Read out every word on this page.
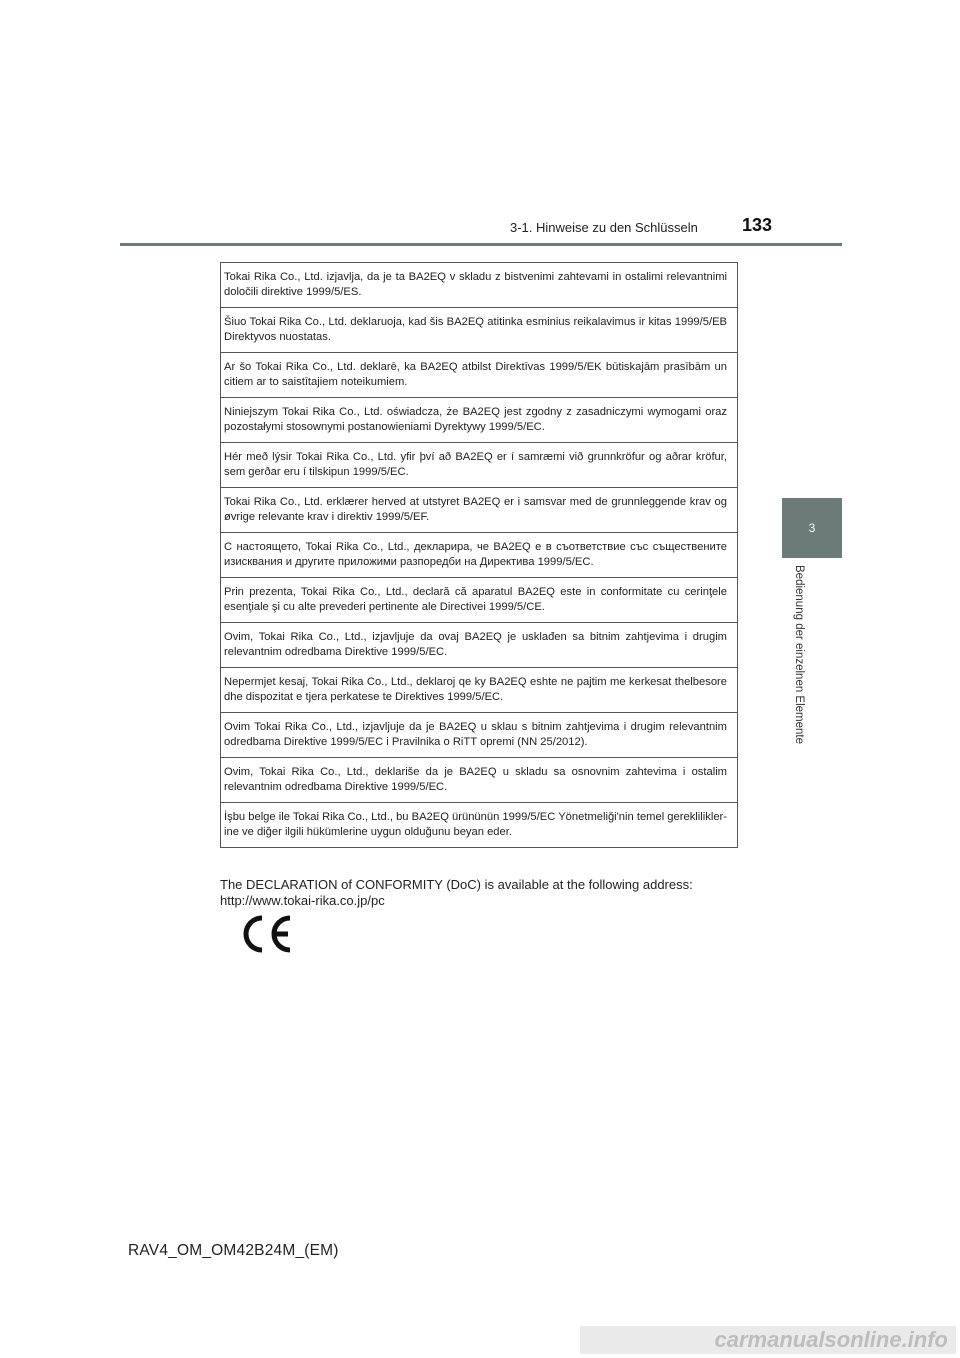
3-1. Hinweise zu den Schlüsseln 133
3
Bedienung der einzelnen Elemente
Tokai Rika Co., Ltd. izjavlja, da je ta BA2EQ v skladu z bistvenimi zahtevami in ostalimi relevantnimi določili direktive 1999/5/ES.
Šiuo Tokai Rika Co., Ltd. deklaruoja, kad šis BA2EQ atitinka esminius reikalavimus ir kitas 1999/5/EB Direktyvos nuostatas.
Ar šo Tokai Rika Co., Ltd. deklarē, ka BA2EQ atbilst Direktīvas 1999/5/EK būtiskajām prasībām un citiem ar to saistītajiem noteikumiem.
Niniejszym Tokai Rika Co., Ltd. oświadcza, że BA2EQ jest zgodny z zasadniczymi wymogami oraz pozostałymi stosownymi postanowieniami Dyrektywy 1999/5/EC.
Hér með lýsir Tokai Rika Co., Ltd. yfir því að BA2EQ er í samræmi við grunnkröfur og aðrar kröfur, sem gerðar eru í tilskipun 1999/5/EC.
Tokai Rika Co., Ltd. erklærer herved at utstyret BA2EQ er i samsvar med de grunnleggende krav og øvrige relevante krav i direktiv 1999/5/EF.
С настоящето, Tokai Rika Co., Ltd., декларира, че BA2EQ е в съответствие със съществените изисквания и другите приложими разпоредби на Директива 1999/5/ЕС.
Prin prezenta, Tokai Rika Co., Ltd., declară că aparatul BA2EQ este in conformitate cu cerinţele esenţiale şi cu alte prevederi pertinente ale Directivei 1999/5/CE.
Ovim, Tokai Rika Co., Ltd., izjavljuje da ovaj BA2EQ je usklađen sa bitnim zahtjevima i drugim relevantnim odredbama Direktive 1999/5/EC.
Nepermjet kesaj, Tokai Rika Co., Ltd., deklaroj qe ky BA2EQ eshte ne pajtim me kerkesat thelbesore dhe dispozitat e tjera perkatese te Direktives 1999/5/EC.
Ovim Tokai Rika Co., Ltd., izjavljuje da je BA2EQ u sklau s bitnim zahtjevima i drugim relevantnim odredbama Direktive 1999/5/EC i Pravilnika o RiTT opremi (NN 25/2012).
Ovim, Tokai Rika Co., Ltd., deklariše da je BA2EQ u skladu sa osnovnim zahtevima i ostalim relevantnim odredbama Direktive 1999/5/EC.
İşbu belge ile Tokai Rika Co., Ltd., bu BA2EQ ürününün 1999/5/EC Yönetmeliği'nin temel gerekliliklerine ve diğer ilgili hükümlerine uygun olduğunu beyan eder.
The DECLARATION of CONFORMITY (DoC) is available at the following address:
http://www.tokai-rika.co.jp/pc
RAV4_OM_OM42B24M_(EM)
carmanualsonline.info
